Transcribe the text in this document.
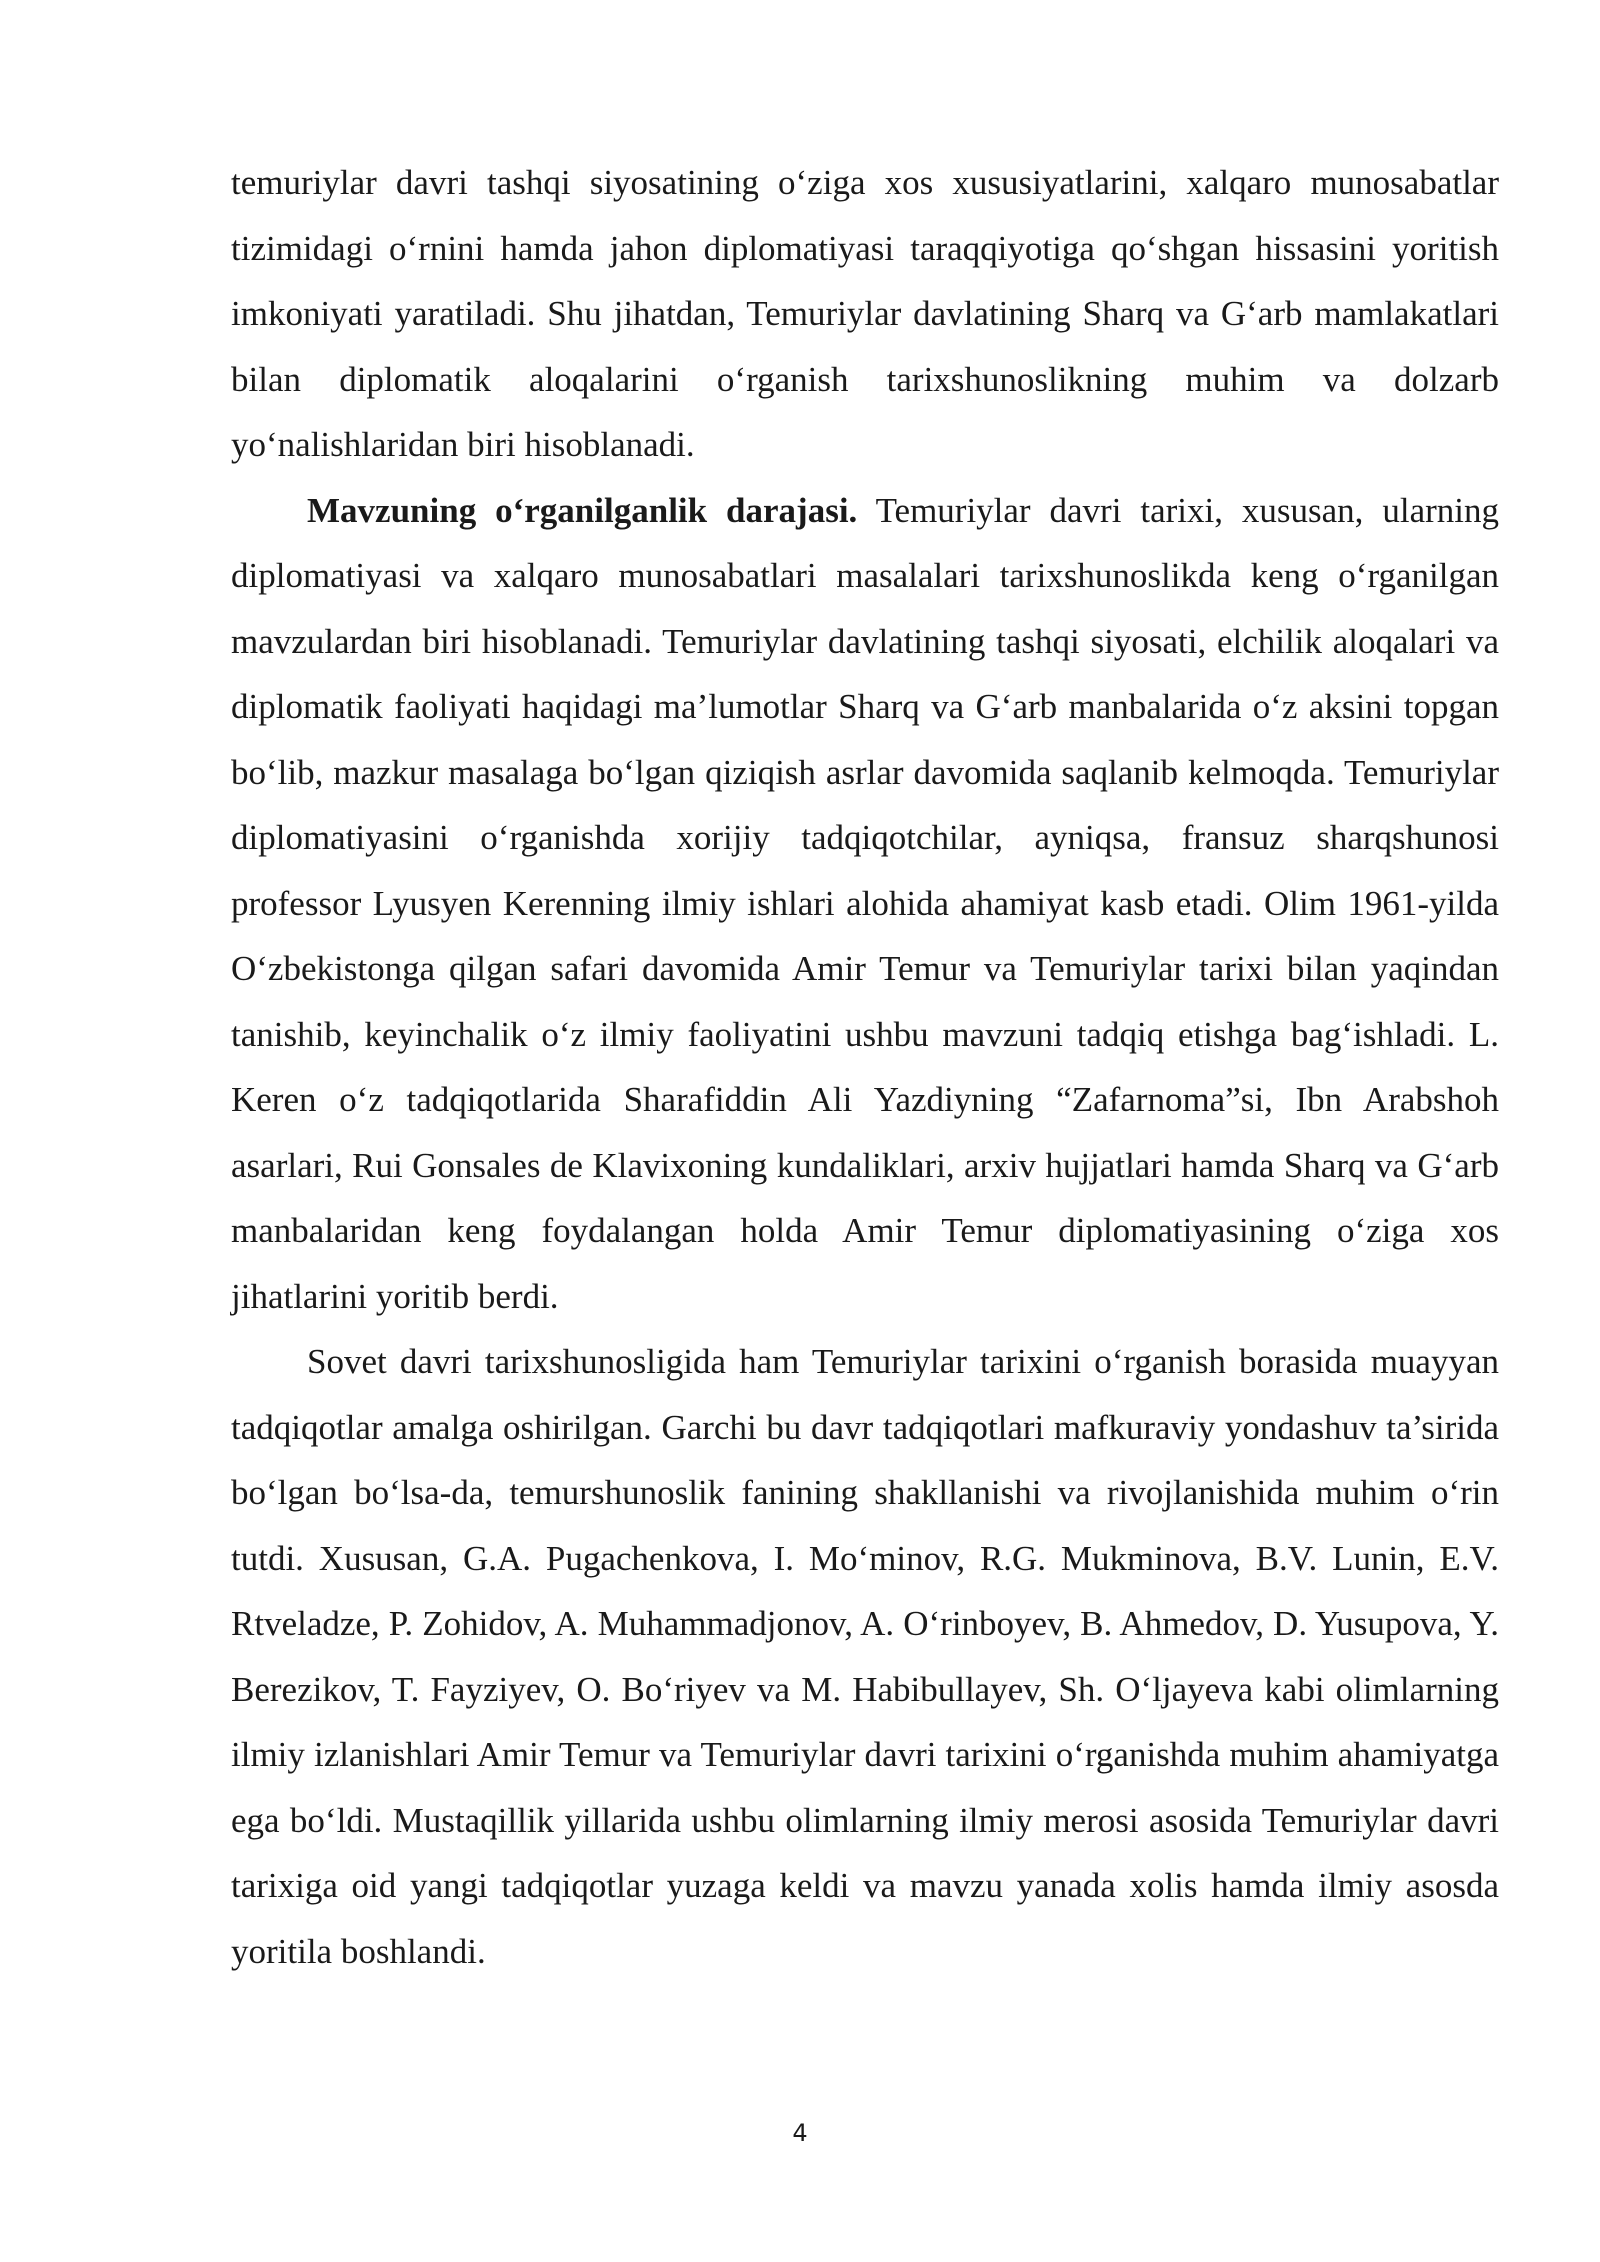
temuriylar davri tashqi siyosatining o‘ziga xos xususiyatlarini, xalqaro munosabatlar tizimidagi o‘rnini hamda jahon diplomatiyasi taraqqiyotiga qo‘shgan hissasini yoritish imkoniyati yaratiladi. Shu jihatdan, Temuriylar davlatining Sharq va G‘arb mamlakatlari bilan diplomatik aloqalarini o‘rganish tarixshunoslikning muhim va dolzarb yo‘nalishlaridan biri hisoblanadi.

Mavzuning o‘rganilganlik darajasi. Temuriylar davri tarixi, xususan, ularning diplomatiyasi va xalqaro munosabatlari masalalari tarixshunoslikda keng o‘rganilgan mavzulardan biri hisoblanadi. Temuriylar davlatining tashqi siyosati, elchilik aloqalari va diplomatik faoliyati haqidagi ma’lumotlar Sharq va G‘arb manbalarida o‘z aksini topgan bo‘lib, mazkur masalaga bo‘lgan qiziqish asrlar davomida saqlanib kelmoqda. Temuriylar diplomatiyasini o‘rganishda xorijiy tadqiqotchilar, ayniqsa, fransuz sharqshunosi professor Lyusyen Kerenning ilmiy ishlari alohida ahamiyat kasb etadi. Olim 1961-yilda O‘zbekistonga qilgan safari davomida Amir Temur va Temuriylar tarixi bilan yaqindan tanishib, keyinchalik o‘z ilmiy faoliyatini ushbu mavzuni tadqiq etishga bag‘ishladi. L. Keren o‘z tadqiqotlarida Sharafiddin Ali Yazdiyning “Zafarnoma”si, Ibn Arabshoh asarlari, Rui Gonsales de Klavixoning kundaliklari, arxiv hujjatlari hamda Sharq va G‘arb manbalaridan keng foydalangan holda Amir Temur diplomatiyasining o‘ziga xos jihatlarini yoritib berdi.

Sovet davri tarixshunosligida ham Temuriylar tarixini o‘rganish borasida muayyan tadqiqotlar amalga oshirilgan. Garchi bu davr tadqiqotlari mafkuraviy yondashuv ta’sirida bo‘lgan bo‘lsa-da, temurshunoslik fanining shakllanishi va rivojlanishida muhim o‘rin tutdi. Xususan, G.A. Pugachenkova, I. Mo‘minov, R.G. Mukminova, B.V. Lunin, E.V. Rtveladze, P. Zohidov, A. Muhammadjonov, A. O‘rinboyev, B. Ahmedov, D. Yusupova, Y. Berezikov, T. Fayziyev, O. Bo‘riyev va M. Habibullayev, Sh. O‘ljayeva kabi olimlarning ilmiy izlanishlari Amir Temur va Temuriylar davri tarixini o‘rganishda muhim ahamiyatga ega bo‘ldi. Mustaqillik yillarida ushbu olimlarning ilmiy merosi asosida Temuriylar davri tarixiga oid yangi tadqiqotlar yuzaga keldi va mavzu yanada xolis hamda ilmiy asosda yoritila boshlandi.

4
